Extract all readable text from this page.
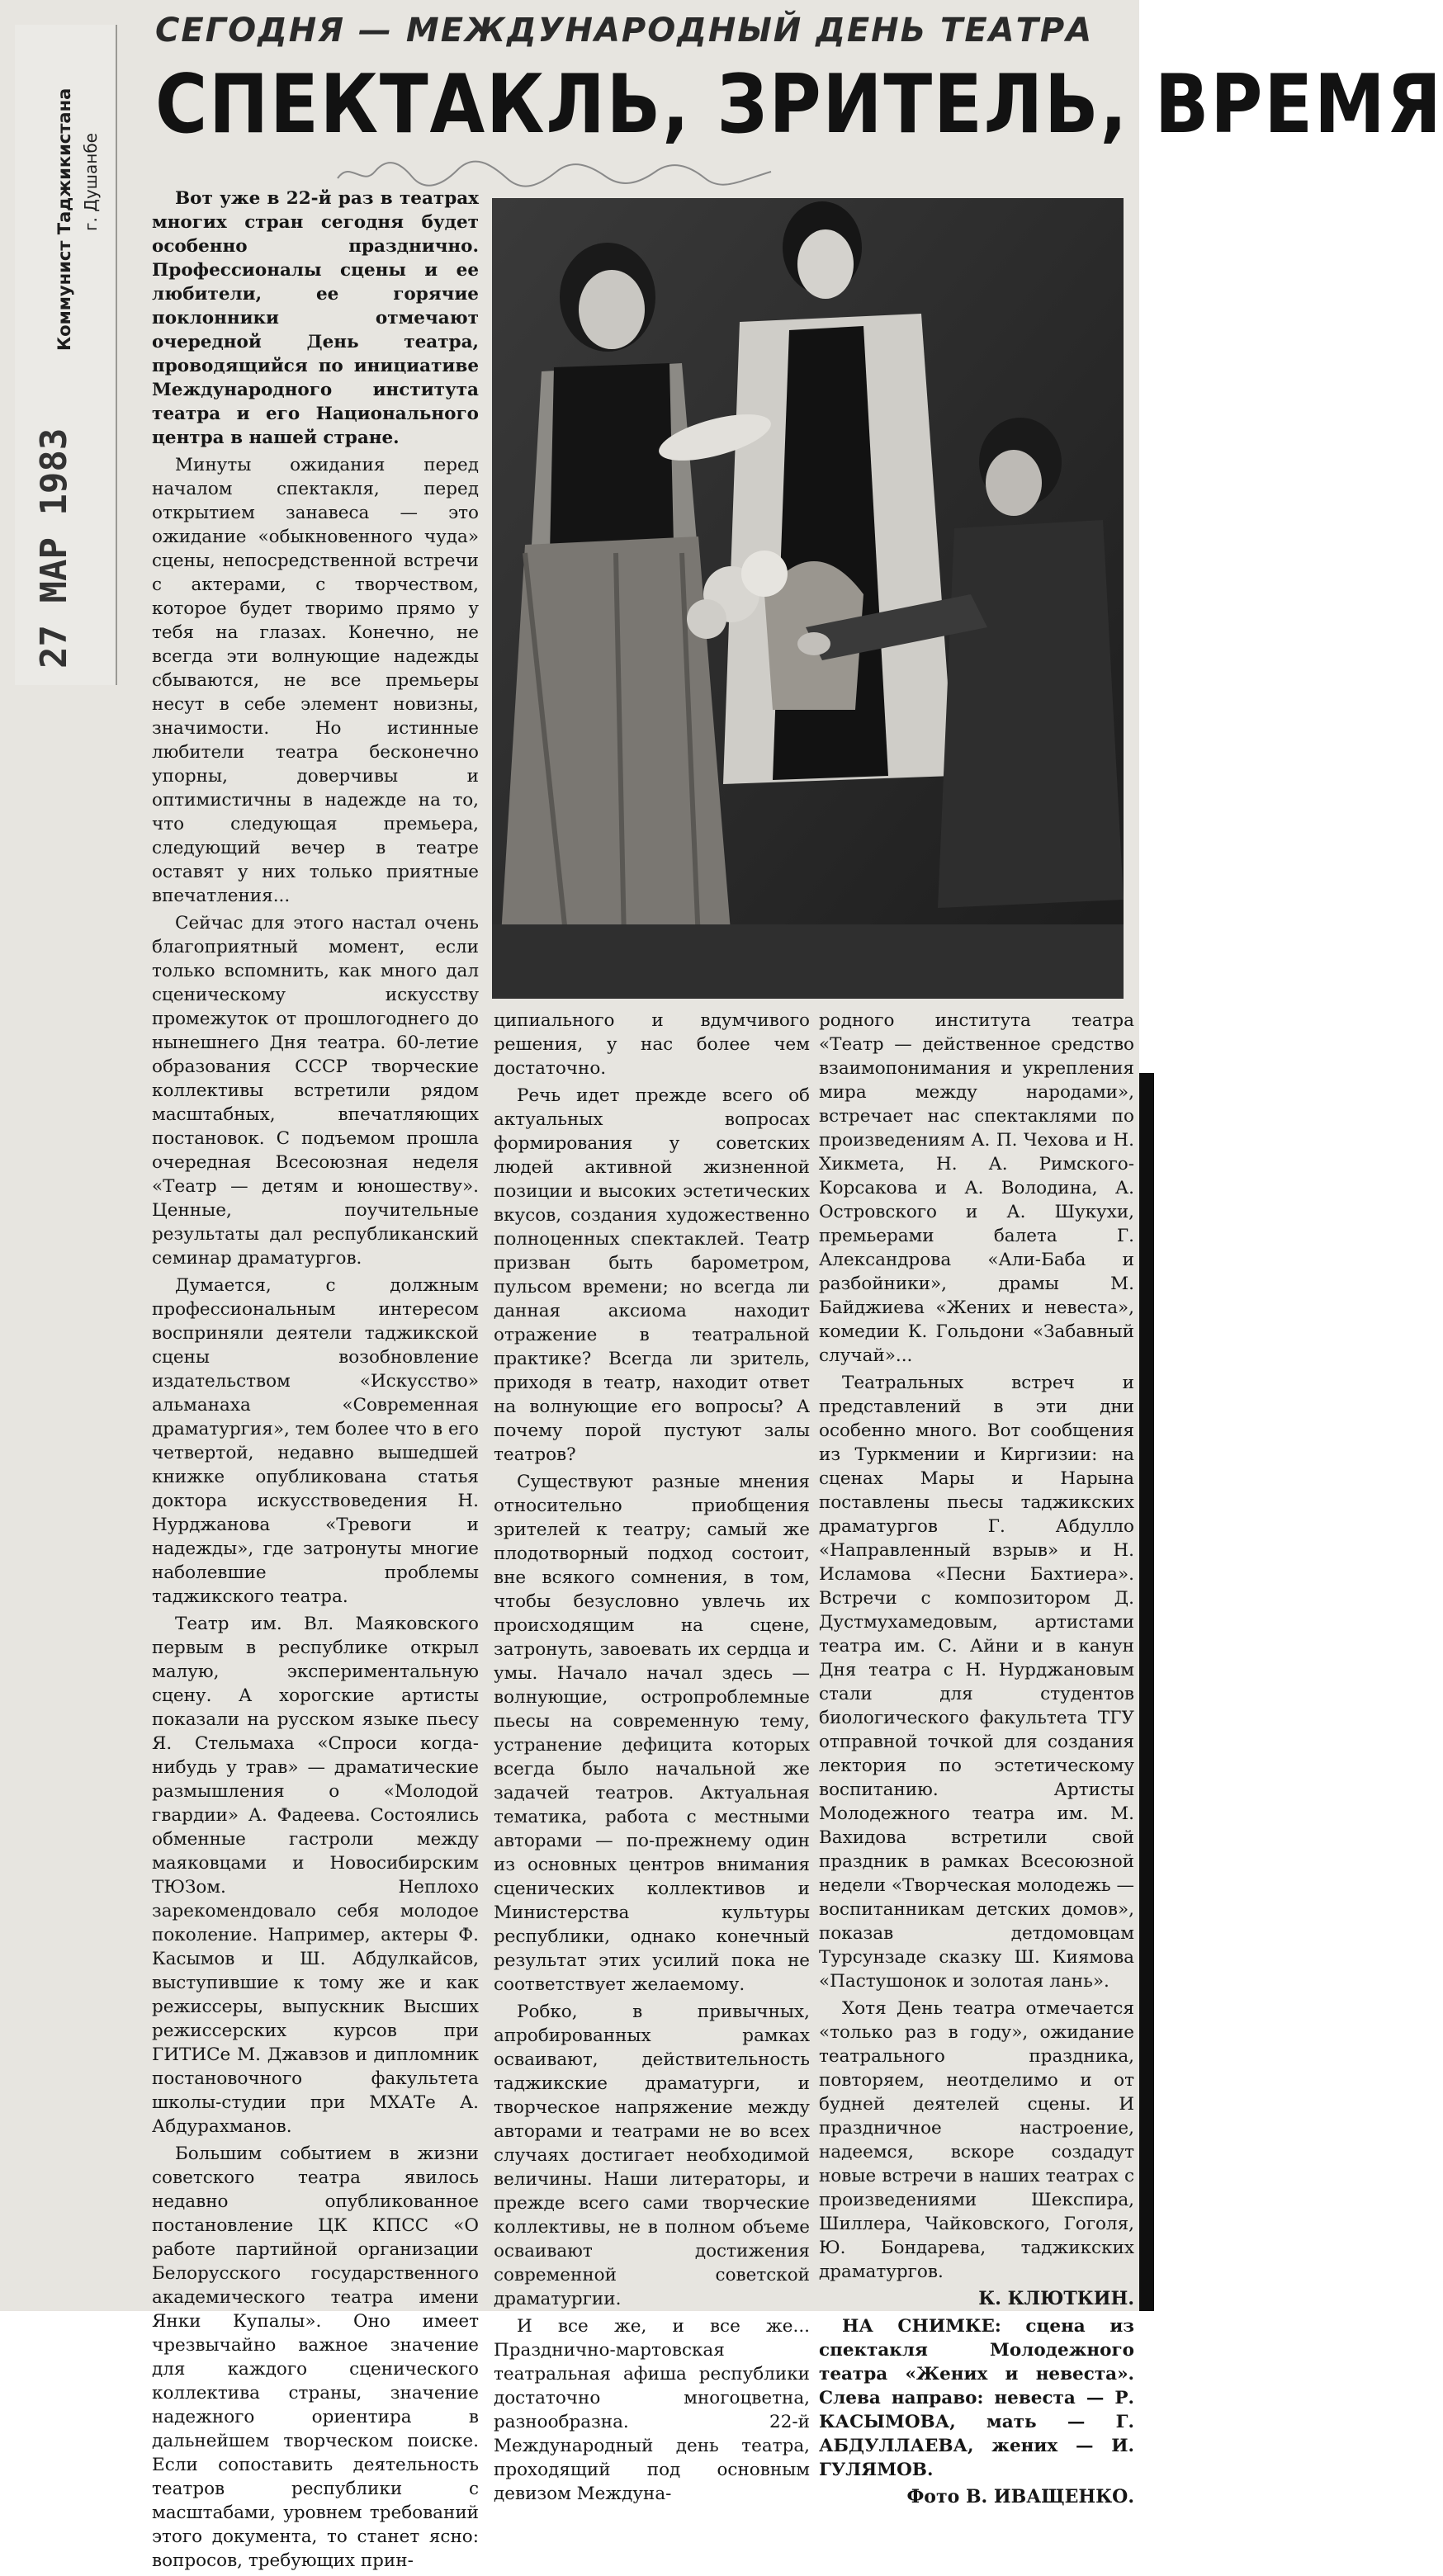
Коммунист Таджикистана г. Душанбе
27 МАР 1983
СЕГОДНЯ — МЕЖДУНАРОДНЫЙ ДЕНЬ ТЕАТРА
СПЕКТАКЛЬ, ЗРИТЕЛЬ, ВРЕМЯ

Вот уже в 22-й раз в театрах многих стран сегодня будет особенно празднично. Профессионалы сцены и ее любители, ее горячие поклонники отмечают очередной День театра, проводящийся по инициативе Международного института театра и его Национального центра в нашей стране.

Минуты ожидания перед началом спектакля, перед открытием занавеса — это ожидание «обыкновенного чуда» сцены, непосредственной встречи с актерами, с творчеством, которое будет творимо прямо у тебя на глазах. Конечно, не всегда эти волнующие надежды сбываются, не все премьеры несут в себе элемент новизны, значимости. Но истинные любители театра бесконечно упорны, доверчивы и оптимистичны в надежде на то, что следующая премьера, следующий вечер в театре оставят у них только приятные впечатления...

Сейчас для этого настал очень благоприятный момент, если только вспомнить, как много дал сценическому искусству промежуток от прошлогоднего до нынешнего Дня театра. 60-летие образования СССР творческие коллективы встретили рядом масштабных, впечатляющих постановок. С подъемом прошла очередная Всесоюзная неделя «Театр — детям и юношеству». Ценные, поучительные результаты дал республиканский семинар драматургов.

Думается, с должным профессиональным интересом восприняли деятели таджикской сцены возобновление издательством «Искусство» альманаха «Современная драматургия», тем более что в его четвертой, недавно вышедшей книжке опубликована статья доктора искусствоведения Н. Нурджанова «Тревоги и надежды», где затронуты многие наболевшие проблемы таджикского театра.

Театр им. Вл. Маяковского первым в республике открыл малую, экспериментальную сцену. А хорогские артисты показали на русском языке пьесу Я. Стельмаха «Спроси когда-нибудь у трав» — драматические размышления о «Молодой гвардии» А. Фадеева. Состоялись обменные гастроли между маяковцами и Новосибирским ТЮЗом. Неплохо зарекомендовало себя молодое поколение. Например, актеры Ф. Касымов и Ш. Абдулкайсов, выступившие к тому же и как режиссеры, выпускник Высших режиссерских курсов при ГИТИСе М. Джавзов и дипломник постановочного факультета школы-студии при МХАТе А. Абдурахманов.

Большим событием в жизни советского театра явилось недавно опубликованное постановление ЦК КПСС «О работе партийной организации Белорусского государственного академического театра имени Янки Купалы». Оно имеет чрезвычайно важное значение для каждого сценического коллектива страны, значение надежного ориентира в дальнейшем творческом поиске. Если сопоставить деятельность театров республики с масштабами, уровнем требований этого документа, то станет ясно: вопросов, требующих прин-

ципиального и вдумчивого решения, у нас более чем достаточно.

Речь идет прежде всего об актуальных вопросах формирования у советских людей активной жизненной позиции и высоких эстетических вкусов, создания художественно полноценных спектаклей. Театр призван быть барометром, пульсом времени; но всегда ли данная аксиома находит отражение в театральной практике? Всегда ли зритель, приходя в театр, находит ответ на волнующие его вопросы? А почему порой пустуют залы театров?

Существуют разные мнения относительно приобщения зрителей к театру; самый же плодотворный подход состоит, вне всякого сомнения, в том, чтобы безусловно увлечь их происходящим на сцене, затронуть, завоевать их сердца и умы. Начало начал здесь — волнующие, остропроблемные пьесы на современную тему, устранение дефицита которых всегда было начальной же задачей театров. Актуальная тематика, работа с местными авторами — по-прежнему один из основных центров внимания сценических коллективов и Министерства культуры республики, однако конечный результат этих усилий пока не соответствует желаемому.

Робко, в привычных, апробированных рамках осваивают, действительность таджикские драматурги, и творческое напряжение между авторами и театрами не во всех случаях достигает необходимой величины. Наши литераторы, и прежде всего сами творческие коллективы, не в полном объеме осваивают достижения современной советской драматургии.

И все же, и все же... Празднично-мартовская театральная афиша республики достаточно многоцветна, разнообразна. 22-й Международный день театра, проходящий под основным девизом Междуна-

родного института театра «Театр — действенное средство взаимопонимания и укрепления мира между народами», встречает нас спектаклями по произведениям А. П. Чехова и Н. Хикмета, Н. А. Римского-Корсакова и А. Володина, А. Островского и А. Шукухи, премьерами балета Г. Александрова «Али-Баба и разбойники», драмы М. Байджиева «Жених и невеста», комедии К. Гольдони «Забавный случай»...

Театральных встреч и представлений в эти дни особенно много. Вот сообщения из Туркмении и Киргизии: на сценах Мары и Нарына поставлены пьесы таджикских драматургов Г. Абдулло «Направленный взрыв» и Н. Исламова «Песни Бахтиера». Встречи с композитором Д. Дустмухамедовым, артистами театра им. С. Айни и в канун Дня театра с Н. Нурджановым стали для студентов биологического факультета ТГУ отправной точкой для создания лектория по эстетическому воспитанию. Артисты Молодежного театра им. М. Вахидова встретили свой праздник в рамках Всесоюзной недели «Творческая молодежь — воспитанникам детских домов», показав детдомовцам Турсунзаде сказку Ш. Киямова «Пастушонок и золотая лань».

Хотя День театра отмечается «только раз в году», ожидание театрального праздника, повторяем, неотделимо и от будней деятелей сцены. И праздничное настроение, надеемся, вскоре создадут новые встречи в наших театрах с произведениями Шекспира, Шиллера, Чайковского, Гоголя, Ю. Бондарева, таджикских драматургов.

К. КЛЮТКИН.

НА СНИМКЕ: сцена из спектакля Молодежного театра «Жених и невеста». Слева направо: невеста — Р. КАСЫМОВА, мать — Г. АБДУЛЛАЕВА, жених — И. ГУЛЯМОВ.

Фото В. ИВАЩЕНКО.
